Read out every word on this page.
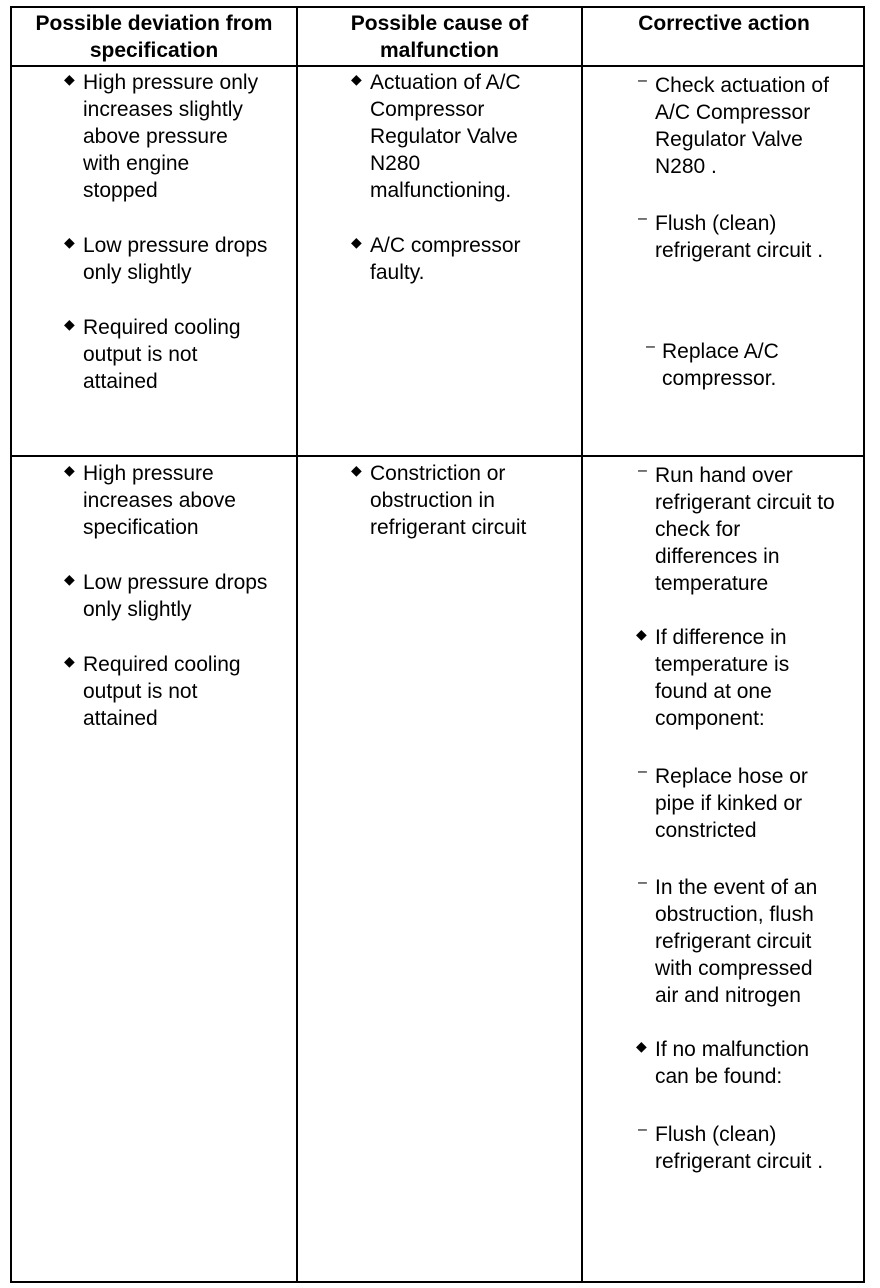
Possible deviation from
specification
Possible cause of
malfunction
Corrective action
◆ High pressure only
increases slightly
above pressure
with engine
stopped
◆ Low pressure drops
only slightly
◆ Required cooling
output is not
attained
◆ Actuation of A/C
Compressor
Regulator Valve
N280
malfunctioning.
◆ A/C compressor
faulty.
– Check actuation of
A/C Compressor
Regulator Valve
N280 .
– Flush (clean)
refrigerant circuit .
– Replace A/C
compressor.
◆ High pressure
increases above
specification
◆ Low pressure drops
only slightly
◆ Required cooling
output is not
attained
◆ Constriction or
obstruction in
refrigerant circuit
– Run hand over
refrigerant circuit to
check for
differences in
temperature
◆ If difference in
temperature is
found at one
component:
– Replace hose or
pipe if kinked or
constricted
– In the event of an
obstruction, flush
refrigerant circuit
with compressed
air and nitrogen
◆ If no malfunction
can be found:
– Flush (clean)
refrigerant circuit .
